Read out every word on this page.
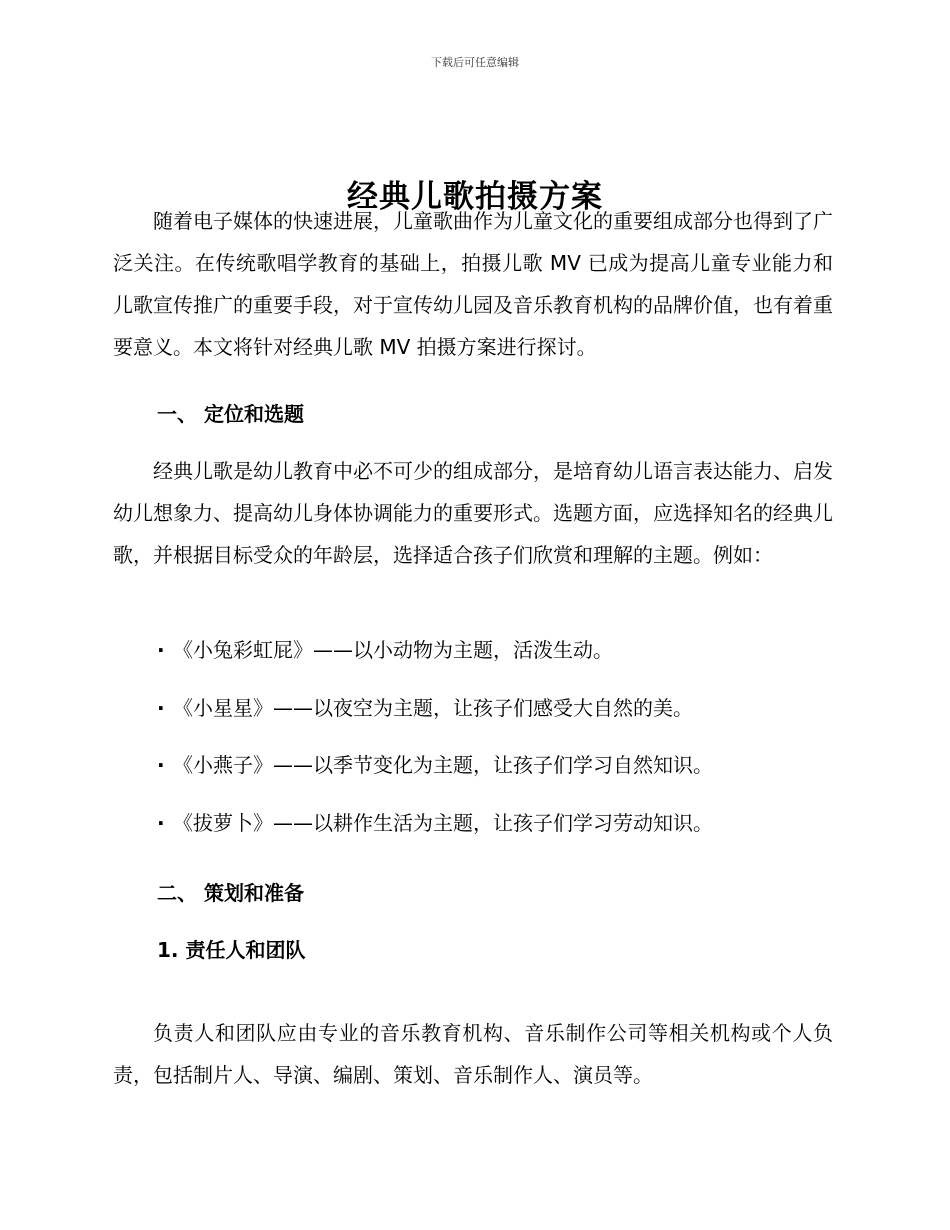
下载后可任意编辑
经典儿歌拍摄方案

随着电子媒体的快速进展，儿童歌曲作为儿童文化的重要组成部分也得到了广泛关注。在传统歌唱学教育的基础上，拍摄儿歌 MV 已成为提高儿童专业能力和儿歌宣传推广的重要手段，对于宣传幼儿园及音乐教育机构的品牌价值，也有着重要意义。本文将针对经典儿歌 MV 拍摄方案进行探讨。

一、 定位和选题

经典儿歌是幼儿教育中必不可少的组成部分，是培育幼儿语言表达能力、启发幼儿想象力、提高幼儿身体协调能力的重要形式。选题方面，应选择知名的经典儿歌，并根据目标受众的年龄层，选择适合孩子们欣赏和理解的主题。例如：

· 《小兔彩虹屁》——以小动物为主题，活泼生动。
· 《小星星》——以夜空为主题，让孩子们感受大自然的美。
· 《小燕子》——以季节变化为主题，让孩子们学习自然知识。
· 《拔萝卜》——以耕作生活为主题，让孩子们学习劳动知识。
二、 策划和准备
1. 责任人和团队

负责人和团队应由专业的音乐教育机构、音乐制作公司等相关机构或个人负责，包括制片人、导演、编剧、策划、音乐制作人、演员等。
